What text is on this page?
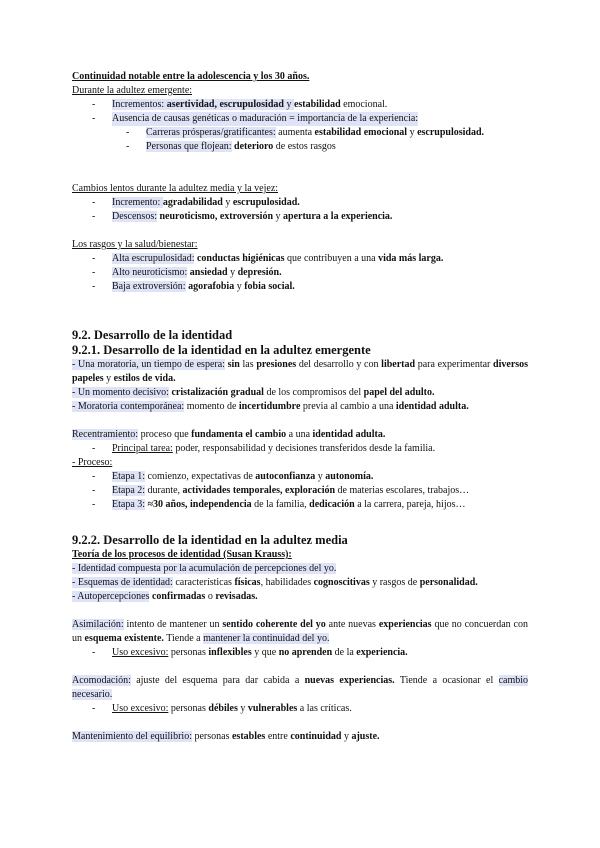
Continuidad notable entre la adolescencia y los 30 años.

Durante la adultez emergente:

-	Incrementos: asertividad, escrupulosidad y estabilidad emocional.
-	Ausencia de causas genéticas o maduración = importancia de la experiencia:
-	Carreras prósperas/gratificantes: aumenta estabilidad emocional y escrupulosidad.
-	Personas que flojean: deterioro de estos rasgos

Cambios lentos durante la adultez media y la vejez:

-	Incremento: agradabilidad y escrupulosidad.
-	Descensos: neuroticismo, extroversión y apertura a la experiencia.

Los rasgos y la salud/bienestar:

-	Alta escrupulosidad: conductas higiénicas que contribuyen a una vida más larga.
-	Alto neuroticismo: ansiedad y depresión.
-	Baja extroversión: agorafobia y fobia social.

9.2. Desarrollo de la identidad

9.2.1. Desarrollo de la identidad en la adultez emergente

- Una moratoria, un tiempo de espera: sin las presiones del desarrollo y con libertad para experimentar diversos papeles y estilos de vida.

- Un momento decisivo: cristalización gradual de los compromisos del papel del adulto.

- Moratoria contemporánea: momento de incertidumbre previa al cambio a una identidad adulta.

Recentramiento: proceso que fundamenta el cambio a una identidad adulta.

-	Principal tarea: poder, responsabilidad y decisiones transferidos desde la familia.

- Proceso:

-	Etapa 1: comienzo, expectativas de autoconfianza y autonomía.
-	Etapa 2: durante, actividades temporales, exploración de materias escolares, trabajos…
-	Etapa 3: ≈30 años, independencia de la familia, dedicación a la carrera, pareja, hijos…

9.2.2. Desarrollo de la identidad en la adultez media

Teoría de los procesos de identidad (Susan Krauss):

- Identidad compuesta por la acumulación de percepciones del yo.

- Esquemas de identidad: características físicas, habilidades cognoscitivas y rasgos de personalidad.

- Autopercepciones confirmadas o revisadas.

Asimilación: intento de mantener un sentido coherente del yo ante nuevas experiencias que no concuerdan con un esquema existente. Tiende a mantener la continuidad del yo.

-	Uso excesivo: personas inflexibles y que no aprenden de la experiencia.

Acomodación: ajuste del esquema para dar cabida a nuevas experiencias. Tiende a ocasionar el cambio necesario.

-	Uso excesivo: personas débiles y vulnerables a las críticas.

Mantenimiento del equilibrio: personas estables entre continuidad y ajuste.
